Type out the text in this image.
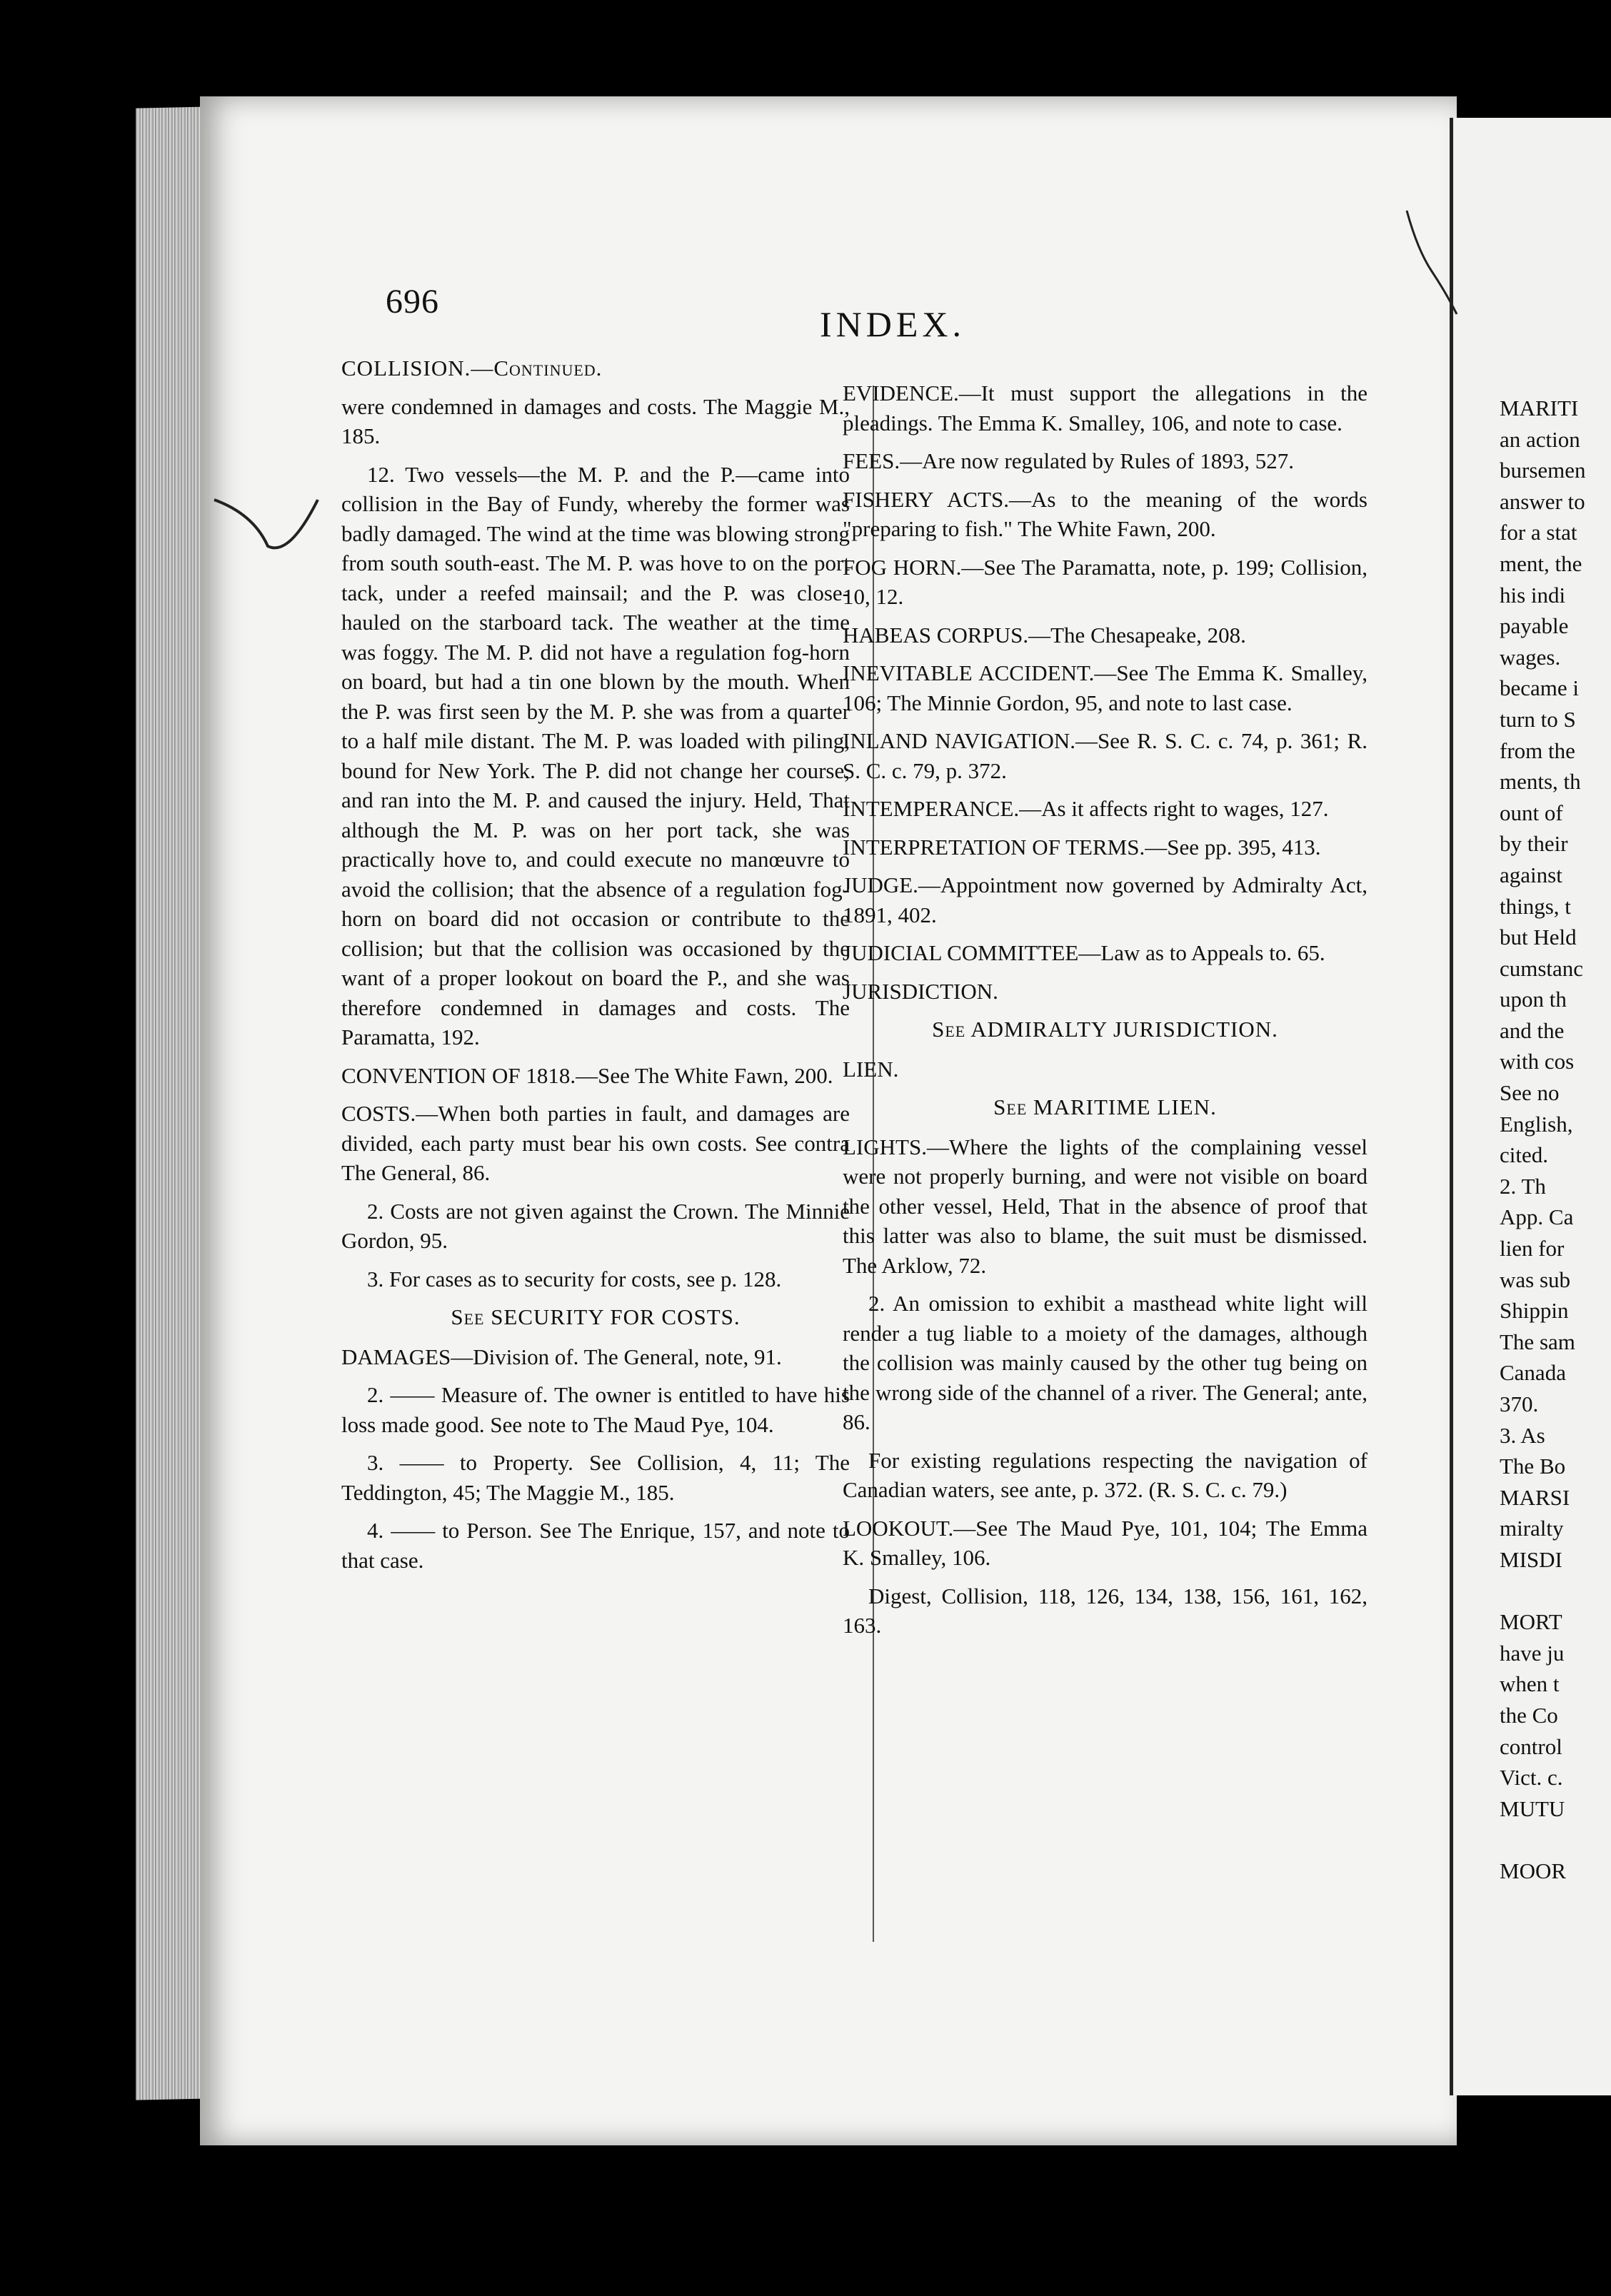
696
INDEX.

COLLISION.—Continued.

were condemned in damages and costs. The Maggie M., 185.

12. Two vessels—the M. P. and the P.—came into collision in the Bay of Fundy, whereby the former was badly damaged. The wind at the time was blowing strong from south south-east. The M. P. was hove to on the port tack, under a reefed mainsail; and the P. was close-hauled on the starboard tack. The weather at the time was foggy. The M. P. did not have a regulation fog-horn on board, but had a tin one blown by the mouth. When the P. was first seen by the M. P. she was from a quarter to a half mile distant. The M. P. was loaded with piling, bound for New York. The P. did not change her course, and ran into the M. P. and caused the injury. Held, That although the M. P. was on her port tack, she was practically hove to, and could execute no manœuvre to avoid the collision; that the absence of a regulation fog-horn on board did not occasion or contribute to the collision; but that the collision was occasioned by the want of a proper lookout on board the P., and she was therefore condemned in damages and costs. The Paramatta, 192.

CONVENTION OF 1818.—See The White Fawn, 200.

COSTS.—When both parties in fault, and damages are divided, each party must bear his own costs. See contra The General, 86.

2. Costs are not given against the Crown. The Minnie Gordon, 95.

3. For cases as to security for costs, see p. 128.

See SECURITY FOR COSTS.

DAMAGES—Division of. The General, note, 91.

2. —— Measure of. The owner is entitled to have his loss made good. See note to The Maud Pye, 104.

3. —— to Property. See Collision, 4, 11; The Teddington, 45; The Maggie M., 185.

4. —— to Person. See The Enrique, 157, and note to that case.

EVIDENCE.—It must support the allegations in the pleadings. The Emma K. Smalley, 106, and note to case.

FEES.—Are now regulated by Rules of 1893, 527.

FISHERY ACTS.—As to the meaning of the words "preparing to fish." The White Fawn, 200.

FOG HORN.—See The Paramatta, note, p. 199; Collision, 10, 12.

HABEAS CORPUS.—The Chesapeake, 208.

INEVITABLE ACCIDENT.—See The Emma K. Smalley, 106; The Minnie Gordon, 95, and note to last case.

INLAND NAVIGATION.—See R. S. C. c. 74, p. 361; R. S. C. c. 79, p. 372.

INTEMPERANCE.—As it affects right to wages, 127.

INTERPRETATION OF TERMS.—See pp. 395, 413.

JUDGE.—Appointment now governed by Admiralty Act, 1891, 402.

JUDICIAL COMMITTEE—Law as to Appeals to. 65.

JURISDICTION.

See ADMIRALTY JURISDICTION.

LIEN.

See MARITIME LIEN.

LIGHTS.—Where the lights of the complaining vessel were not properly burning, and were not visible on board the other vessel, Held, That in the absence of proof that this latter was also to blame, the suit must be dismissed. The Arklow, 72.

2. An omission to exhibit a masthead white light will render a tug liable to a moiety of the damages, although the collision was mainly caused by the other tug being on the wrong side of the channel of a river. The General; ante, 86.

For existing regulations respecting the navigation of Canadian waters, see ante, p. 372. (R. S. C. c. 79.)

LOOKOUT.—See The Maud Pye, 101, 104; The Emma K. Smalley, 106.

Digest, Collision, 118, 126, 134, 138, 156, 161, 162, 163.

MARITI
an action
bursemen
answer to
for a stat
ment, the
his indi
payable
wages.
became i
turn to S
from the
ments, th
ount of
by their
against
things, t
but Held
cumstanc
upon th
and the
with cos
See no
English,
cited.
2. Th
App. Ca
lien for
was sub
Shippin
The sam
Canada
370.
3. As
The Bo
MARSI
miralty
MISDI

MORT
have ju
when t
the Co
control
Vict. c.
MUTU

MOOR
